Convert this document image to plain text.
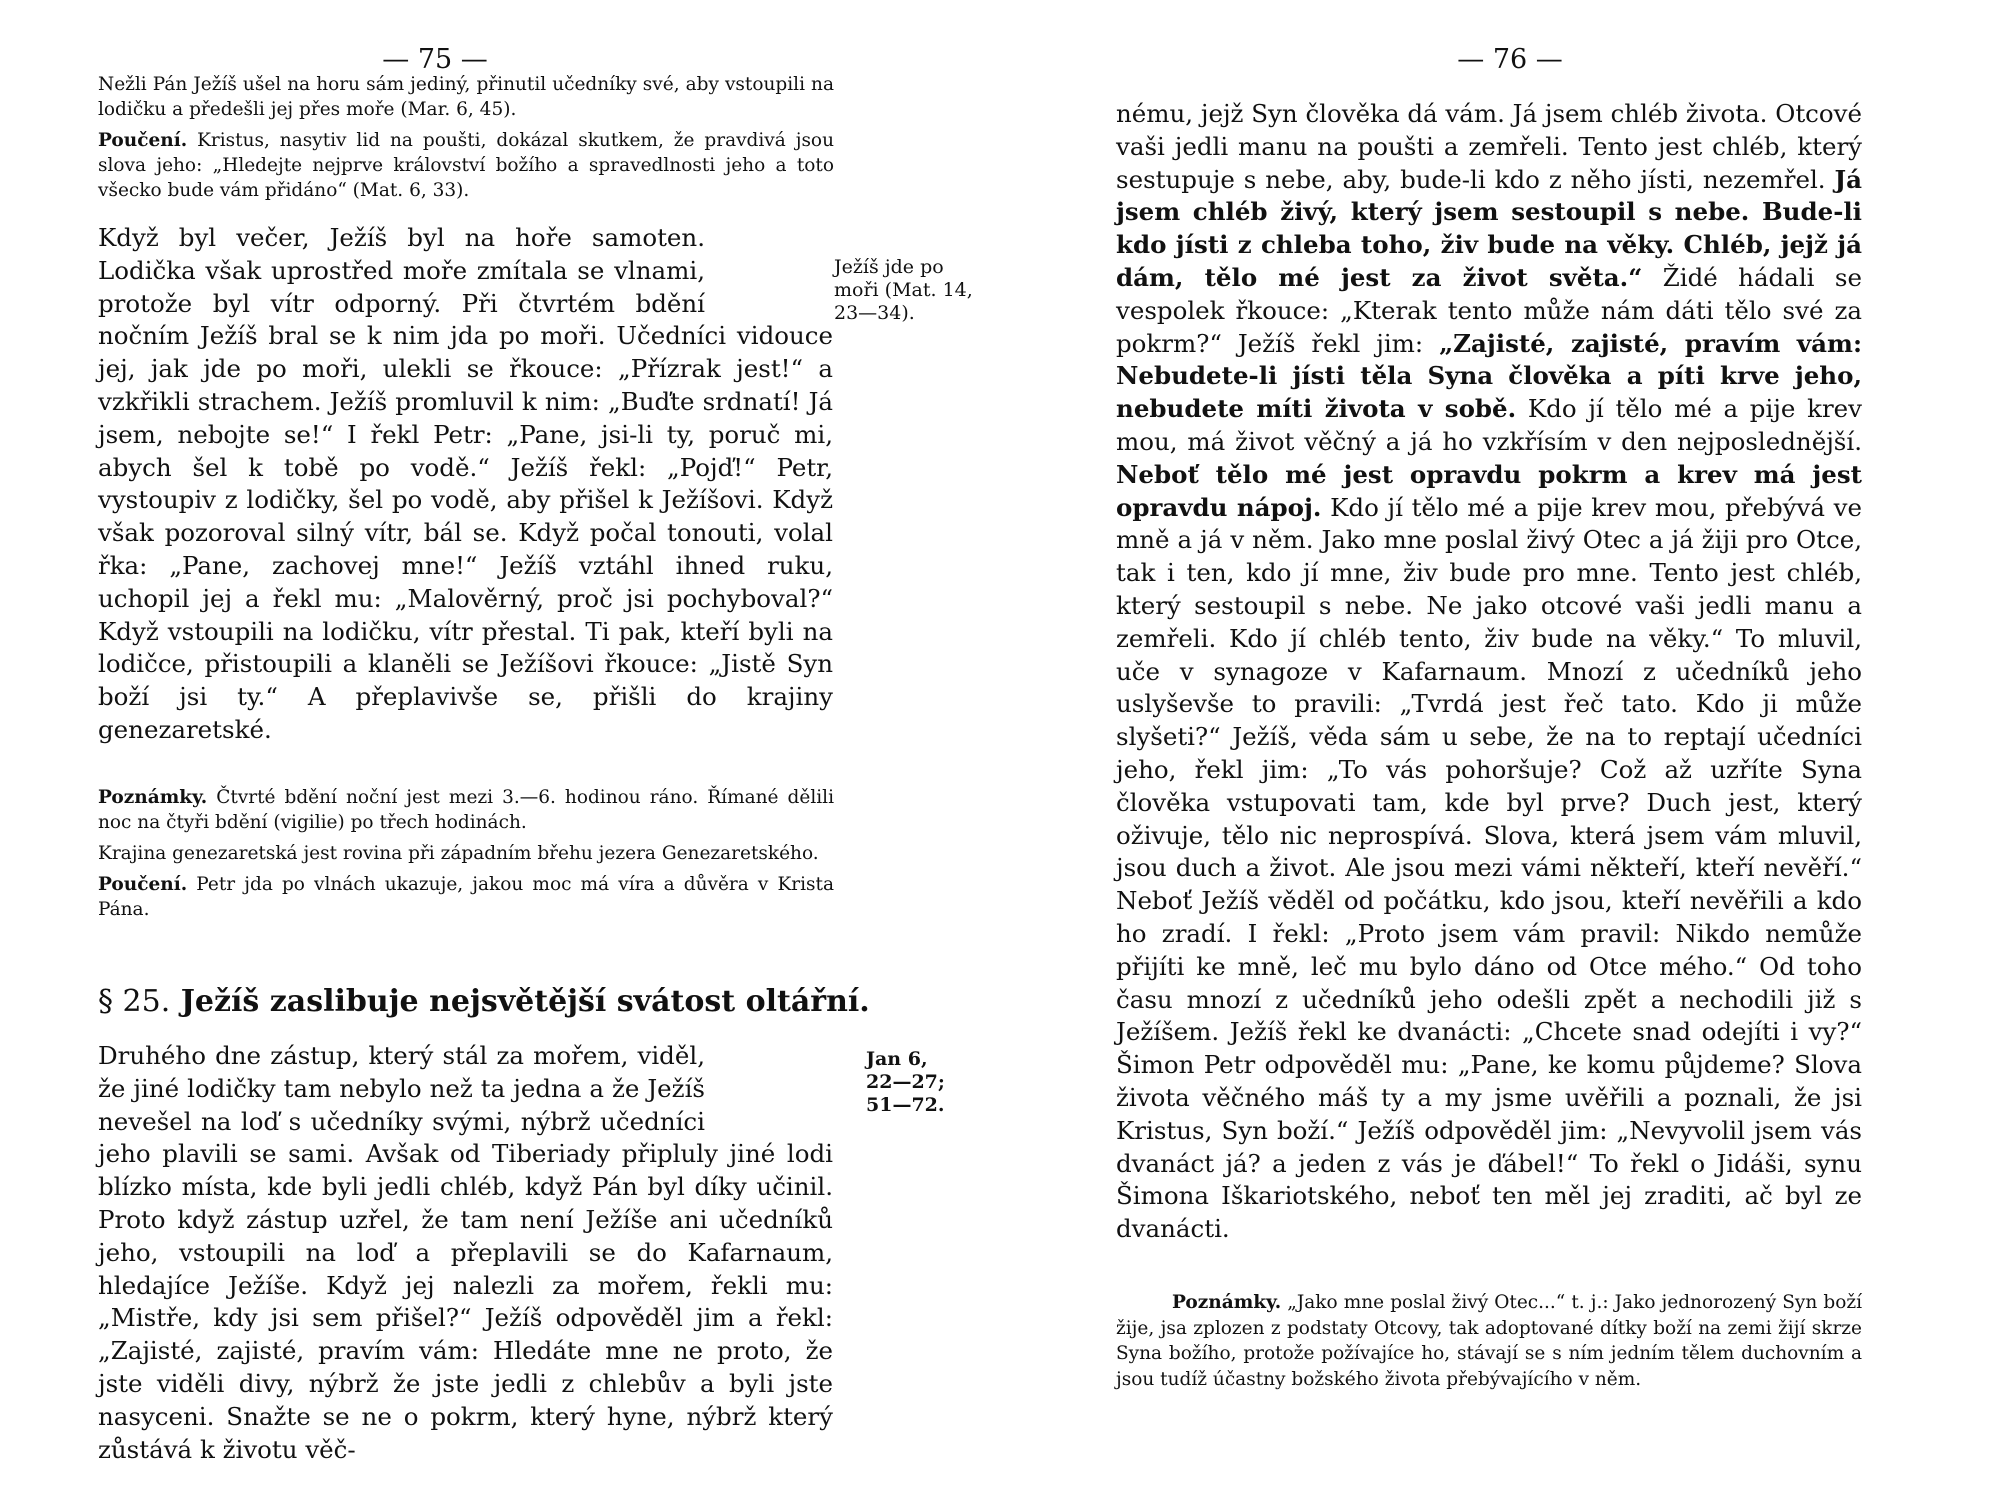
— 75 —

Nežli Pán Ježíš ušel na horu sám jediný, přinutil učedníky své, aby vstoupili na lodičku a předešli jej přes moře (Mar. 6, 45).

Poučení. Kristus, nasytiv lid na poušti, dokázal skutkem, že pravdivá jsou slova jeho: „Hledejte nejprve království božího a spravedlnosti jeho a toto všecko bude vám přidáno“ (Mat. 6, 33).

Když byl večer, Ježíš byl na hoře samoten. Lodička však uprostřed moře zmítala se vlnami, protože byl vítr odporný. Při čtvrtém bdění nočním Ježíš bral se k nim jda po moři. Učedníci vidouce jej, jak jde po moři, ulekli se řkouce: „Přízrak jest!“ a vzkřikli strachem. Ježíš promluvil k nim: „Buďte srdnatí! Já jsem, nebojte se!“ I řekl Petr: „Pane, jsi-li ty, poruč mi, abych šel k tobě po vodě.“ Ježíš řekl: „Pojď!“ Petr, vystoupiv z lodičky, šel po vodě, aby přišel k Ježíšovi. Když však pozoroval silný vítr, bál se. Když počal tonouti, volal řka: „Pane, zachovej mne!“ Ježíš vztáhl ihned ruku, uchopil jej a řekl mu: „Malověrný, proč jsi pochyboval?“ Když vstoupili na lodičku, vítr přestal. Ti pak, kteří byli na lodičce, přistoupili a klaněli se Ježíšovi řkouce: „Jistě Syn boží jsi ty.“ A přeplavivše se, přišli do krajiny genezaretské.

Ježíš jde po moři (Mat. 14, 23—34).

Poznámky. Čtvrté bdění noční jest mezi 3.—6. hodinou ráno. Římané dělili noc na čtyři bdění (vigilie) po třech hodinách.

Krajina genezaretská jest rovina při západním břehu jezera Genezaretského.

Poučení. Petr jda po vlnách ukazuje, jakou moc má víra a důvěra v Krista Pána.

§ 25. Ježíš zaslibuje nejsvětější svátost oltářní.

Druhého dne zástup, který stál za mořem, viděl, že jiné lodičky tam nebylo než ta jedna a že Ježíš nevešel na loď s učedníky svými, nýbrž učedníci jeho plavili se sami. Avšak od Tiberiady připluly jiné lodi blízko místa, kde byli jedli chléb, když Pán byl díky učinil. Proto když zástup uzřel, že tam není Ježíše ani učedníků jeho, vstoupili na loď a přeplavili se do Kafarnaum, hledajíce Ježíše. Když jej nalezli za mořem, řekli mu: „Mistře, kdy jsi sem přišel?“ Ježíš odpověděl jim a řekl: „Zajisté, zajisté, pravím vám: Hledáte mne ne proto, že jste viděli divy, nýbrž že jste jedli z chlebův a byli jste nasyceni. Snažte se ne o pokrm, který hyne, nýbrž který zůstává k životu věč-

Jan 6, 22—27; 51—72.
— 76 —

nému, jejž Syn člověka dá vám. Já jsem chléb života. Otcové vaši jedli manu na poušti a zemřeli. Tento jest chléb, který sestupuje s nebe, aby, bude-li kdo z něho jísti, nezemřel. Já jsem chléb živý, který jsem sestoupil s nebe. Bude-li kdo jísti z chleba toho, živ bude na věky. Chléb, jejž já dám, tělo mé jest za život světa.“ Židé hádali se vespolek řkouce: „Kterak tento může nám dáti tělo své za pokrm?“ Ježíš řekl jim: „Zajisté, zajisté, pravím vám: Nebudete-li jísti těla Syna člověka a píti krve jeho, nebudete míti života v sobě. Kdo jí tělo mé a pije krev mou, má život věčný a já ho vzkřísím v den nejposlednější. Neboť tělo mé jest opravdu pokrm a krev má jest opravdu nápoj. Kdo jí tělo mé a pije krev mou, přebývá ve mně a já v něm. Jako mne poslal živý Otec a já žiji pro Otce, tak i ten, kdo jí mne, živ bude pro mne. Tento jest chléb, který sestoupil s nebe. Ne jako otcové vaši jedli manu a zemřeli. Kdo jí chléb tento, živ bude na věky.“ To mluvil, uče v synagoze v Kafarnaum. Mnozí z učedníků jeho uslyševše to pravili: „Tvrdá jest řeč tato. Kdo ji může slyšeti?“ Ježíš, věda sám u sebe, že na to reptají učedníci jeho, řekl jim: „To vás pohoršuje? Což až uzříte Syna člověka vstupovati tam, kde byl prve? Duch jest, který oživuje, tělo nic neprospívá. Slova, která jsem vám mluvil, jsou duch a život. Ale jsou mezi vámi někteří, kteří nevěří.“ Neboť Ježíš věděl od počátku, kdo jsou, kteří nevěřili a kdo ho zradí. I řekl: „Proto jsem vám pravil: Nikdo nemůže přijíti ke mně, leč mu bylo dáno od Otce mého.“ Od toho času mnozí z učedníků jeho odešli zpět a nechodili již s Ježíšem. Ježíš řekl ke dvanácti: „Chcete snad odejíti i vy?“ Šimon Petr odpověděl mu: „Pane, ke komu půjdeme? Slova života věčného máš ty a my jsme uvěřili a poznali, že jsi Kristus, Syn boží.“ Ježíš odpověděl jim: „Nevyvolil jsem vás dvanáct já? a jeden z vás je ďábel!“ To řekl o Jidáši, synu Šimona Iškariotského, neboť ten měl jej zraditi, ač byl ze dvanácti.

Poznámky. „Jako mne poslal živý Otec...“ t. j.: Jako jednorozený Syn boží žije, jsa zplozen z podstaty Otcovy, tak adoptované dítky boží na zemi žijí skrze Syna božího, protože požívajíce ho, stávají se s ním jedním tělem duchovním a jsou tudíž účastny božského života přebývajícího v něm.
